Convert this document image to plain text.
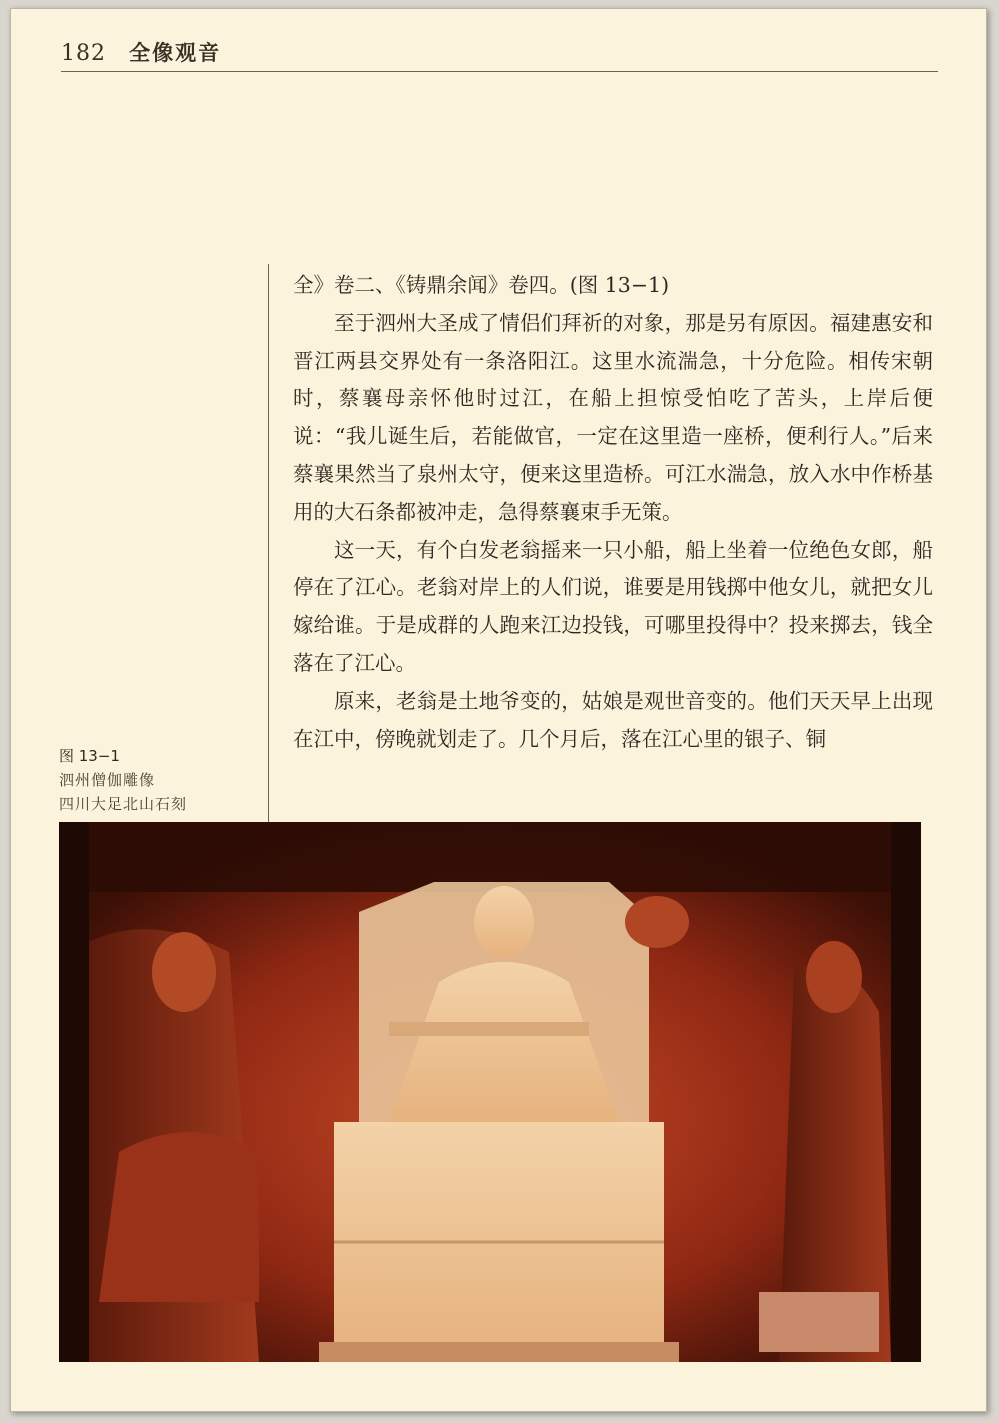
182 全像观音

全》卷二、《铸鼎余闻》卷四。(图 13−1)

至于泗州大圣成了情侣们拜祈的对象，那是另有原因。福建惠安和晋江两县交界处有一条洛阳江。这里水流湍急，十分危险。相传宋朝时，蔡襄母亲怀他时过江，在船上担惊受怕吃了苦头，上岸后便说：“我儿诞生后，若能做官，一定在这里造一座桥，便利行人。”后来蔡襄果然当了泉州太守，便来这里造桥。可江水湍急，放入水中作桥基用的大石条都被冲走，急得蔡襄束手无策。

这一天，有个白发老翁摇来一只小船，船上坐着一位绝色女郎，船停在了江心。老翁对岸上的人们说，谁要是用钱掷中他女儿，就把女儿嫁给谁。于是成群的人跑来江边投钱，可哪里投得中？投来掷去，钱全落在了江心。

原来，老翁是土地爷变的，姑娘是观世音变的。他们天天早上出现在江中，傍晚就划走了。几个月后，落在江心里的银子、铜

图 13−1
泗州僧伽雕像
四川大足北山石刻
